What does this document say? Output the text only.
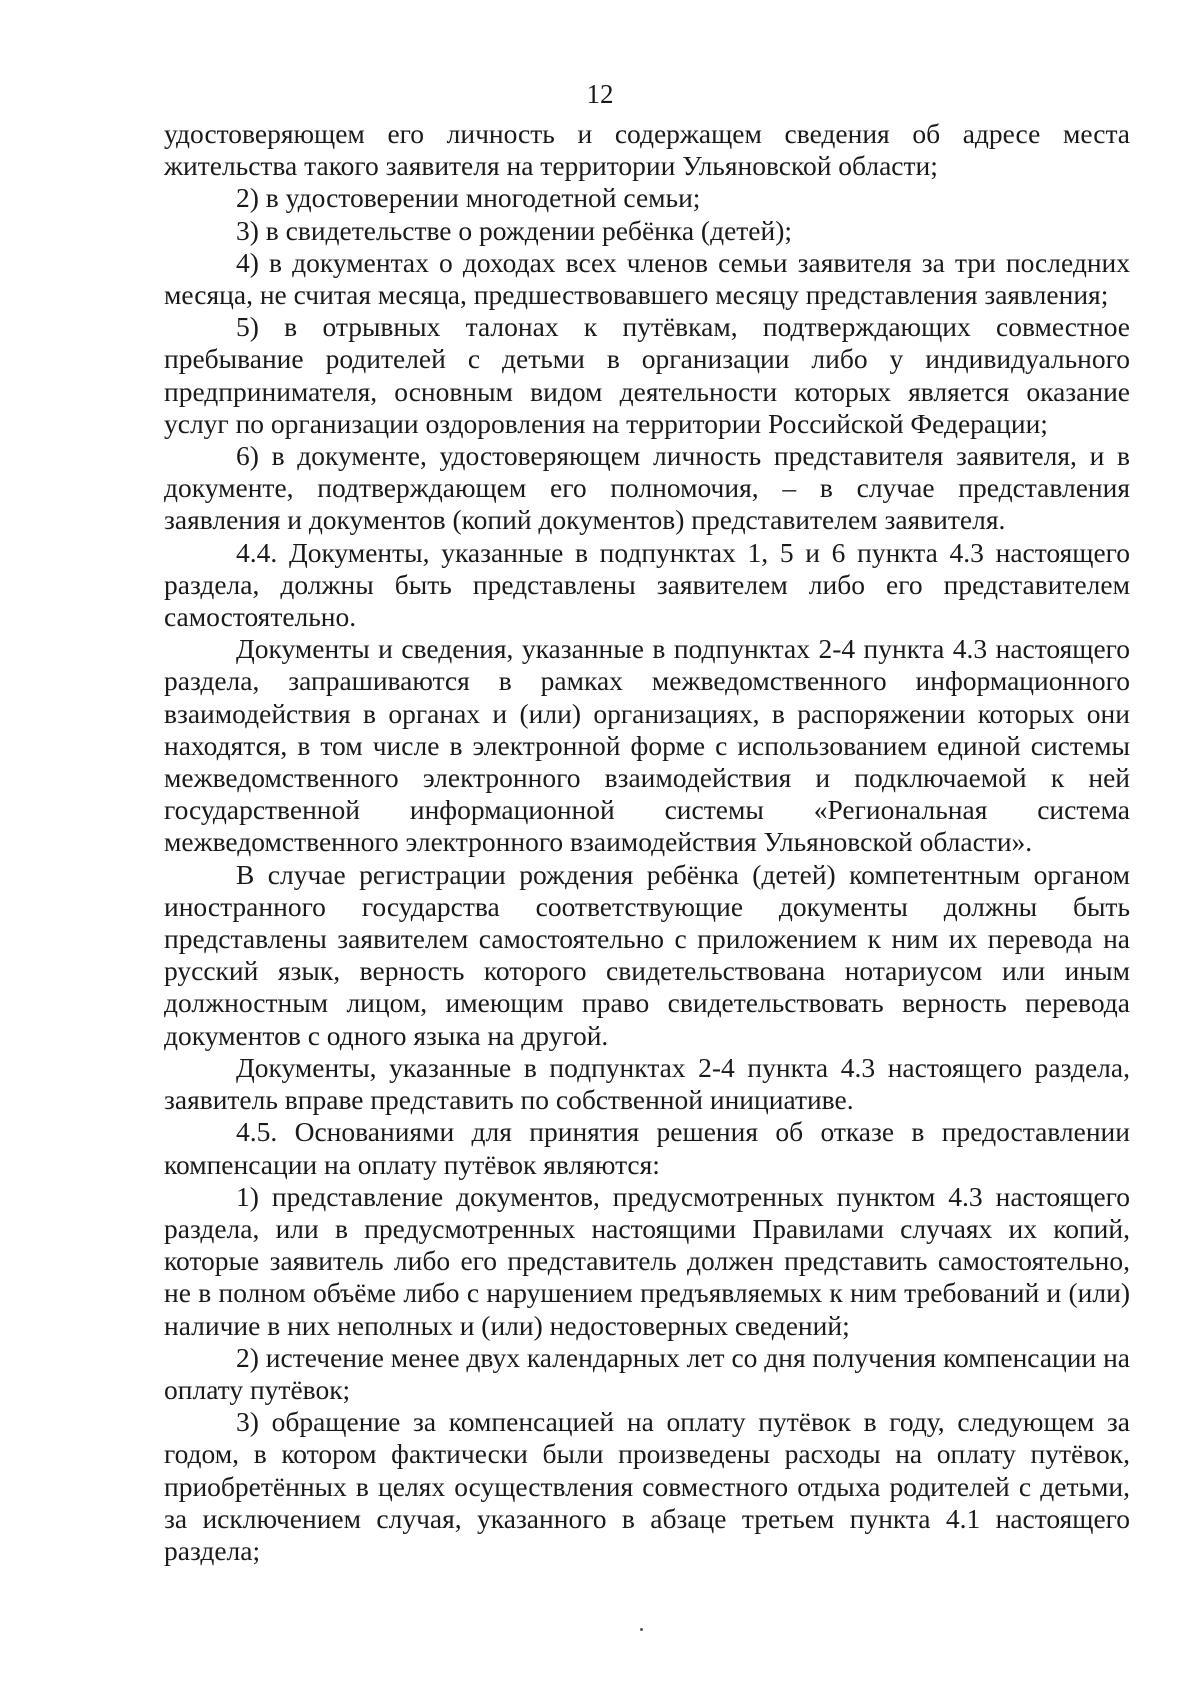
12

удостоверяющем его личность и содержащем сведения об адресе места жительства такого заявителя на территории Ульяновской области;

2) в удостоверении многодетной семьи;

3) в свидетельстве о рождении ребёнка (детей);

4) в документах о доходах всех членов семьи заявителя за три последних месяца, не считая месяца, предшествовавшего месяцу представления заявления;

5) в отрывных талонах к путёвкам, подтверждающих совместное пребывание родителей с детьми в организации либо у индивидуального предпринимателя, основным видом деятельности которых является оказание услуг по организации оздоровления на территории Российской Федерации;

6) в документе, удостоверяющем личность представителя заявителя, и в документе, подтверждающем его полномочия, – в случае представления заявления и документов (копий документов) представителем заявителя.

4.4. Документы, указанные в подпунктах 1, 5 и 6 пункта 4.3 настоящего раздела, должны быть представлены заявителем либо его представителем самостоятельно.

Документы и сведения, указанные в подпунктах 2-4 пункта 4.3 настоящего раздела, запрашиваются в рамках межведомственного информационного взаимодействия в органах и (или) организациях, в распоряжении которых они находятся, в том числе в электронной форме с использованием единой системы межведомственного электронного взаимодействия и подключаемой к ней государственной информационной системы «Региональная система межведомственного электронного взаимодействия Ульяновской области».

В случае регистрации рождения ребёнка (детей) компетентным органом иностранного государства соответствующие документы должны быть представлены заявителем самостоятельно с приложением к ним их перевода на русский язык, верность которого свидетельствована нотариусом или иным должностным лицом, имеющим право свидетельствовать верность перевода документов с одного языка на другой.

Документы, указанные в подпунктах 2-4 пункта 4.3 настоящего раздела, заявитель вправе представить по собственной инициативе.

4.5. Основаниями для принятия решения об отказе в предоставлении компенсации на оплату путёвок являются:

1) представление документов, предусмотренных пунктом 4.3 настоящего раздела, или в предусмотренных настоящими Правилами случаях их копий, которые заявитель либо его представитель должен представить самостоятельно, не в полном объёме либо с нарушением предъявляемых к ним требований и (или) наличие в них неполных и (или) недостоверных сведений;

2) истечение менее двух календарных лет со дня получения компенсации на оплату путёвок;

3) обращение за компенсацией на оплату путёвок в году, следующем за годом, в котором фактически были произведены расходы на оплату путёвок, приобретённых в целях осуществления совместного отдыха родителей с детьми, за исключением случая, указанного в абзаце третьем пункта 4.1 настоящего раздела;
